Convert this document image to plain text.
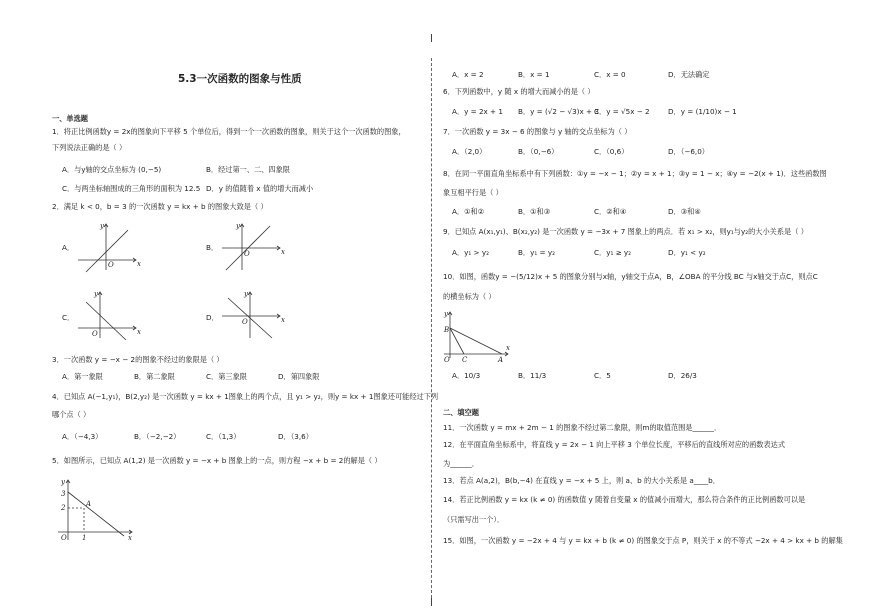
5.3一次函数的图象与性质
一、单选题
1．将正比例函数y = 2x的图象向下平移 5 个单位后，得到一个一次函数的图象，则关于这个一次函数的图象，
下列说法正确的是（ ）
A．与y轴的交点坐标为 (0,−5)	B．经过第一、二、四象限
C．与两坐标轴围成的三角形的面积为 12.5 D．y 的值随着 x 值的增大而减小
2．满足 k < 0，b = 3 的一次函数 y = kx + b 的图象大致是（ ）
A．	B．
C．	D．
x
y
O
x
y
O
x
y
O
x
y
O
3．一次函数 y = −x − 2的图象不经过的象限是（ ）
A．第一象限	B．第二象限	C．第三象限	D．第四象限
4．已知点 A(−1,y₁)，B(2,y₂) 是一次函数 y = kx + 1图象上的两个点，且 y₁ > y₂，则y = kx + 1图象还可能经过下列
哪个点（ ）
A．（−4,3）	B．（−2,−2）	C．（1,3）	D．（3,6）
5．如图所示，已知点 A(1,2) 是一次函数 y = −x + b 图象上的一点，则方程 −x + b = 2的解是（ ）
x
y
O
3
2	A
1
A．x = 2	B．x = 1	C．x = 0	D．无法确定
6．下列函数中，y 随 x 的增大而减小的是（ ）
A．y = 2x + 1 B．y = (√2 − √3)x + 3
C．y = √5x − 2	D．y = (1/10)x − 1
7．一次函数 y = 3x − 6 的图象与 y 轴的交点坐标为（ ）
A．（2,0）	B．（0,−6）	C．（0,6）	D．（−6,0）
8．在同一平面直角坐标系中有下列函数：①y = −x − 1；②y = x + 1；③y = 1 − x；④y = −2(x + 1)．这些函数图
象互相平行是（ ）
A．①和②	B．①和③	C．②和④	D．③和④
9．已知点 A(x₁,y₁)、B(x₂,y₂) 是一次函数 y = −3x + 7 图象上的两点．若 x₁ > x₂，则y₁与y₂的大小关系是（ ）
A．y₁ > y₂	B．y₁ = y₂	C．y₁ ≥ y₂	D．y₁ < y₂
10．如图，函数y = −(5/12)x + 5 的图象分别与x轴，y轴交于点A，B，∠OBA 的平分线 BC 与x轴交于点C，则点C
的横坐标为（ ）
x
y
B
O C	A
A．10/3	B．11/3	C．5	D．26/3
二、填空题
11．一次函数 y = mx + 2m − 1 的图象不经过第二象限，则m的取值范围是______．
12．在平面直角坐标系中，将直线 y = 2x − 1 向上平移 3 个单位长度，平移后的直线所对应的函数表达式
为______．
13．若点 A(a,2)，B(b,−4) 在直线 y = −x + 5 上，则 a、b 的大小关系是 a____b．
14．若正比例函数 y = kx (k ≠ 0) 的函数值 y 随着自变量 x 的值减小而增大，那么符合条件的正比例函数可以是
（只需写出一个）．
15．如图，一次函数 y = −2x + 4 与 y = kx + b (k ≠ 0) 的图象交于点 P，则关于 x 的不等式 −2x + 4 > kx + b 的解集
